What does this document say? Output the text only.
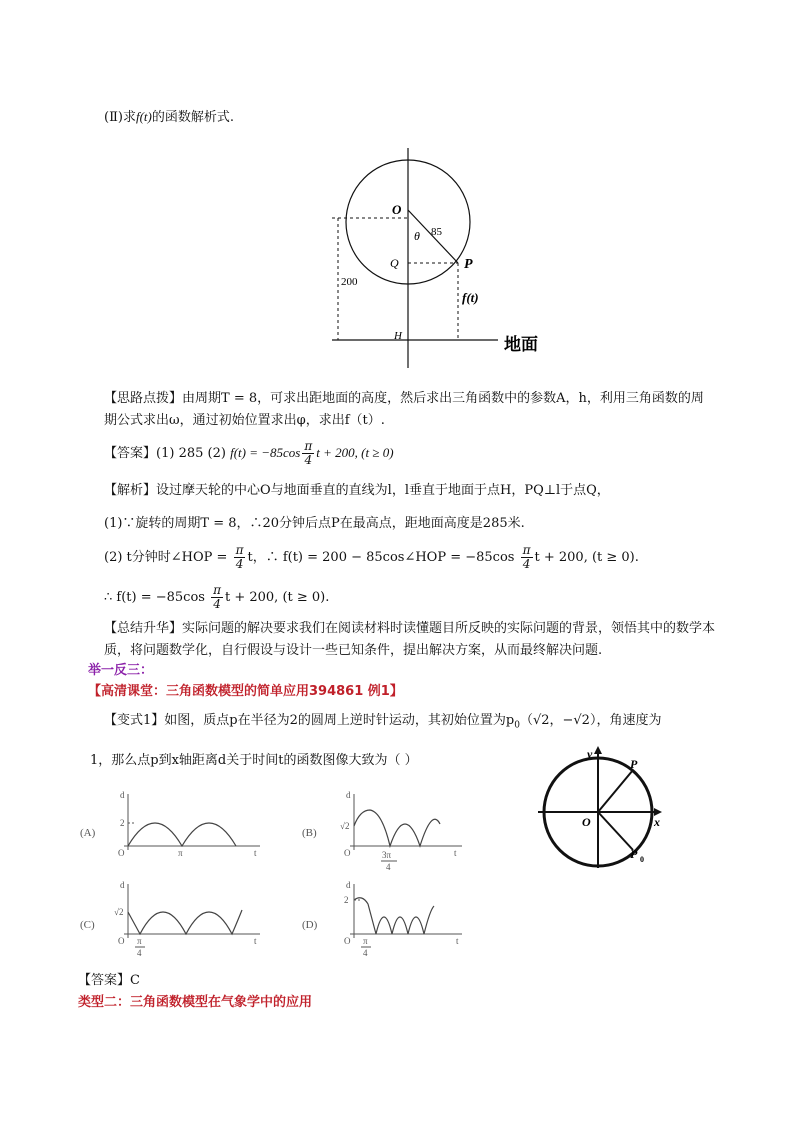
(Ⅱ)求f(t)的函数解析式.
O
θ 85
Q	P
f(t)
200
H	地面
【思路点拨】由周期T = 8，可求出距地面的高度，然后求出三角函数中的参数A，h，利用三角函数的周期公式求出ω，通过初始位置求出φ，求出f（t）.
【答案】(1) 285 (2) $f(t) = -85\cos \frac{\pi}{4}$ t + 200, (t ≥ 0)
【解析】设过摩天轮的中心O与地面垂直的直线为l，l垂直于地面于点H，PQ⊥l于点Q，
(1)∵旋转的周期T = 8，∴20分钟后点P在最高点，距地面高度是285米.
(2) t分钟时∠HOP = $\frac{\pi}{4}$ t，∴ f(t) = 200 − 85cos∠HOP = $-85\cos \frac{\pi}{4}$ t + 200, (t ≥ 0).
∴ $f(t) = -85\cos \frac{\pi}{4}$ t + 200, (t ≥ 0).
【总结升华】实际问题的解决要求我们在阅读材料时读懂题目所反映的实际问题的背景，领悟其中的数学本质，将问题数学化，自行假设与设计一些已知条件，提出解决方案，从而最终解决问题.
举一反三：
【高清课堂：三角函数模型的简单应用394861 例1】
【变式1】如图，质点p在半径为2的圆周上逆时针运动，其初始位置为$p_0(√2$，−√2），角速度为
1，那么点p到x轴距离d关于时间t的函数图像大致为（ ）	y
x
O
P
P 0
(A)
d
2
O	π	t
(B)
d
√2
O	3π
4
t
(C)
d
√2
O π
4
t
(D)
d
2
O π
4
t
【答案】C
类型二：三角函数模型在气象学中的应用
